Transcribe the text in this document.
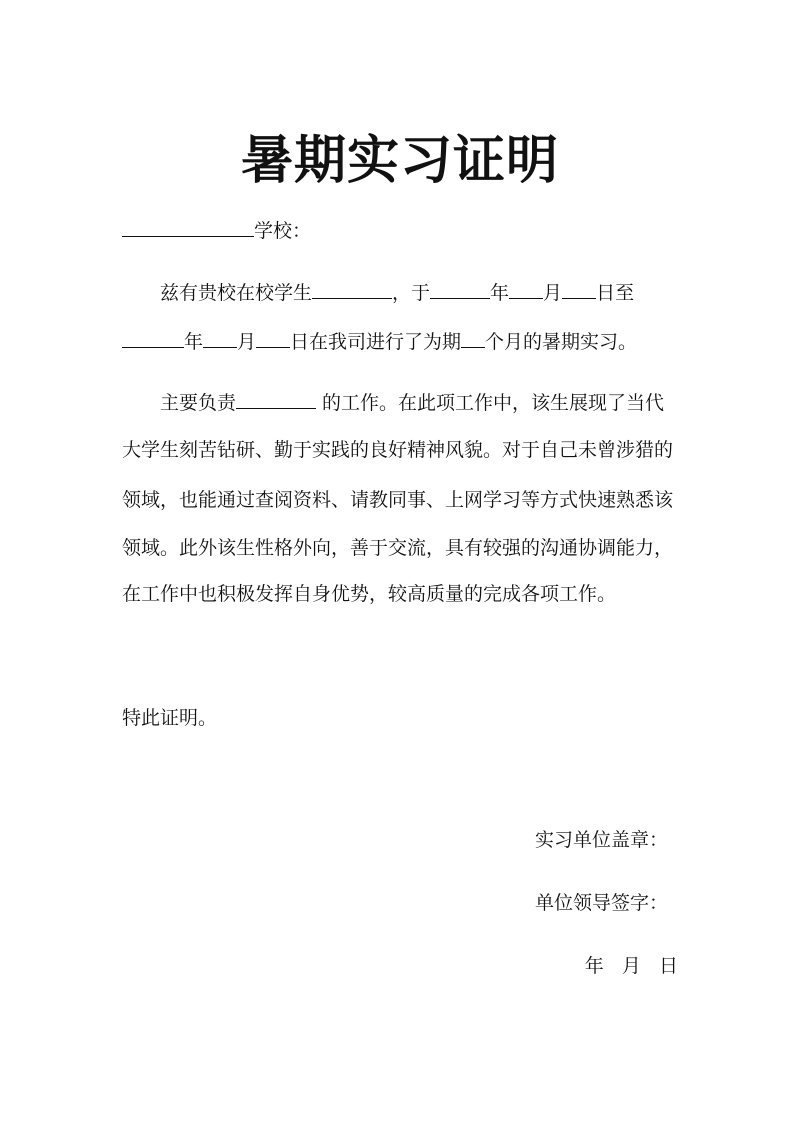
暑期实习证明
学校：
兹有贵校在校学生	，于	年 月 日至
年 月 日在我司进行了为期 个月的暑期实习。
主要负责	的工作。在此项工作中，该生展现了当代
大学生刻苦钻研、勤于实践的良好精神风貌。对于自己未曾涉猎的
领域，也能通过查阅资料、请教同事、上网学习等方式快速熟悉该
领域。此外该生性格外向，善于交流，具有较强的沟通协调能力，
在工作中也积极发挥自身优势，较高质量的完成各项工作。
特此证明。
实习单位盖章：
单位领导签字：
年 月 日
